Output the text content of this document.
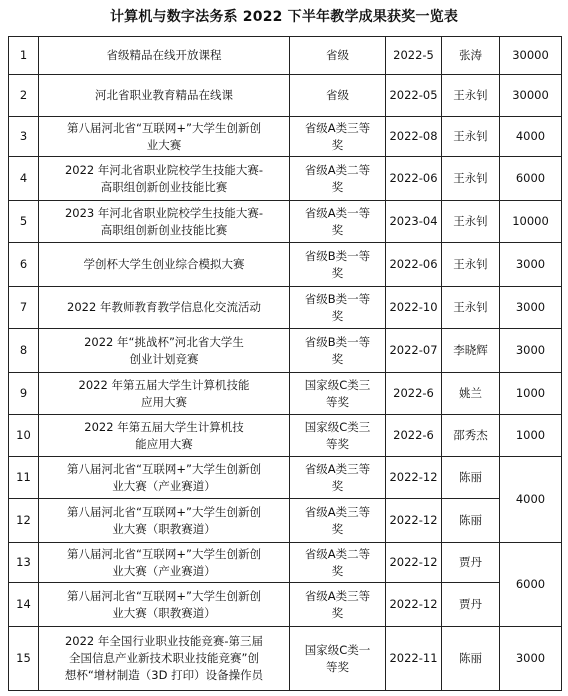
计算机与数字法务系 2022 下半年教学成果获奖一览表
1	省级精品在线开放课程	省级	2022-5	张涛	30000
2	河北省职业教育精品在线课	省级	2022-05	王永钊	30000
3	第八届河北省“互联网+”大学生创新创
业大赛	省级A类三等
奖	2022-08	王永钊	4000
4	2022 年河北省职业院校学生技能大赛-
高职组创新创业技能比赛	省级A类二等
奖	2022-06	王永钊	6000
5	2023 年河北省职业院校学生技能大赛-
高职组创新创业技能比赛	省级A类一等
奖	2023-04	王永钊	10000
6	学创杯大学生创业综合模拟大赛	省级B类一等
奖	2022-06	王永钊	3000
7	2022 年教师教育教学信息化交流活动	省级B类一等
奖	2022-10	王永钊	3000
8	2022 年“挑战杯”河北省大学生
创业计划竞赛	省级B类一等
奖	2022-07	李晓辉	3000
9	2022 年第五届大学生计算机技能
应用大赛	国家级C类三
等奖	2022-6	姚兰	1000
10	2022 年第五届大学生计算机技
能应用大赛	国家级C类三
等奖	2022-6	邵秀杰	1000
11	第八届河北省“互联网+”大学生创新创
业大赛（产业赛道）	省级A类三等
奖	2022-12	陈丽	4000
12	第八届河北省“互联网+”大学生创新创
业大赛（职教赛道）	省级A类三等
奖	2022-12	陈丽	
13	第八届河北省“互联网+”大学生创新创
业大赛（产业赛道）	省级A类二等
奖	2022-12	贾丹	6000
14	第八届河北省“互联网+”大学生创新创
业大赛（职教赛道）	省级A类三等
奖	2022-12	贾丹	
15	2022 年全国行业职业技能竞赛-第三届
全国信息产业新技术职业技能竞赛”创
想杯“增材制造（3D 打印）设备操作员	国家级C类一
等奖	2022-11	陈丽	3000
